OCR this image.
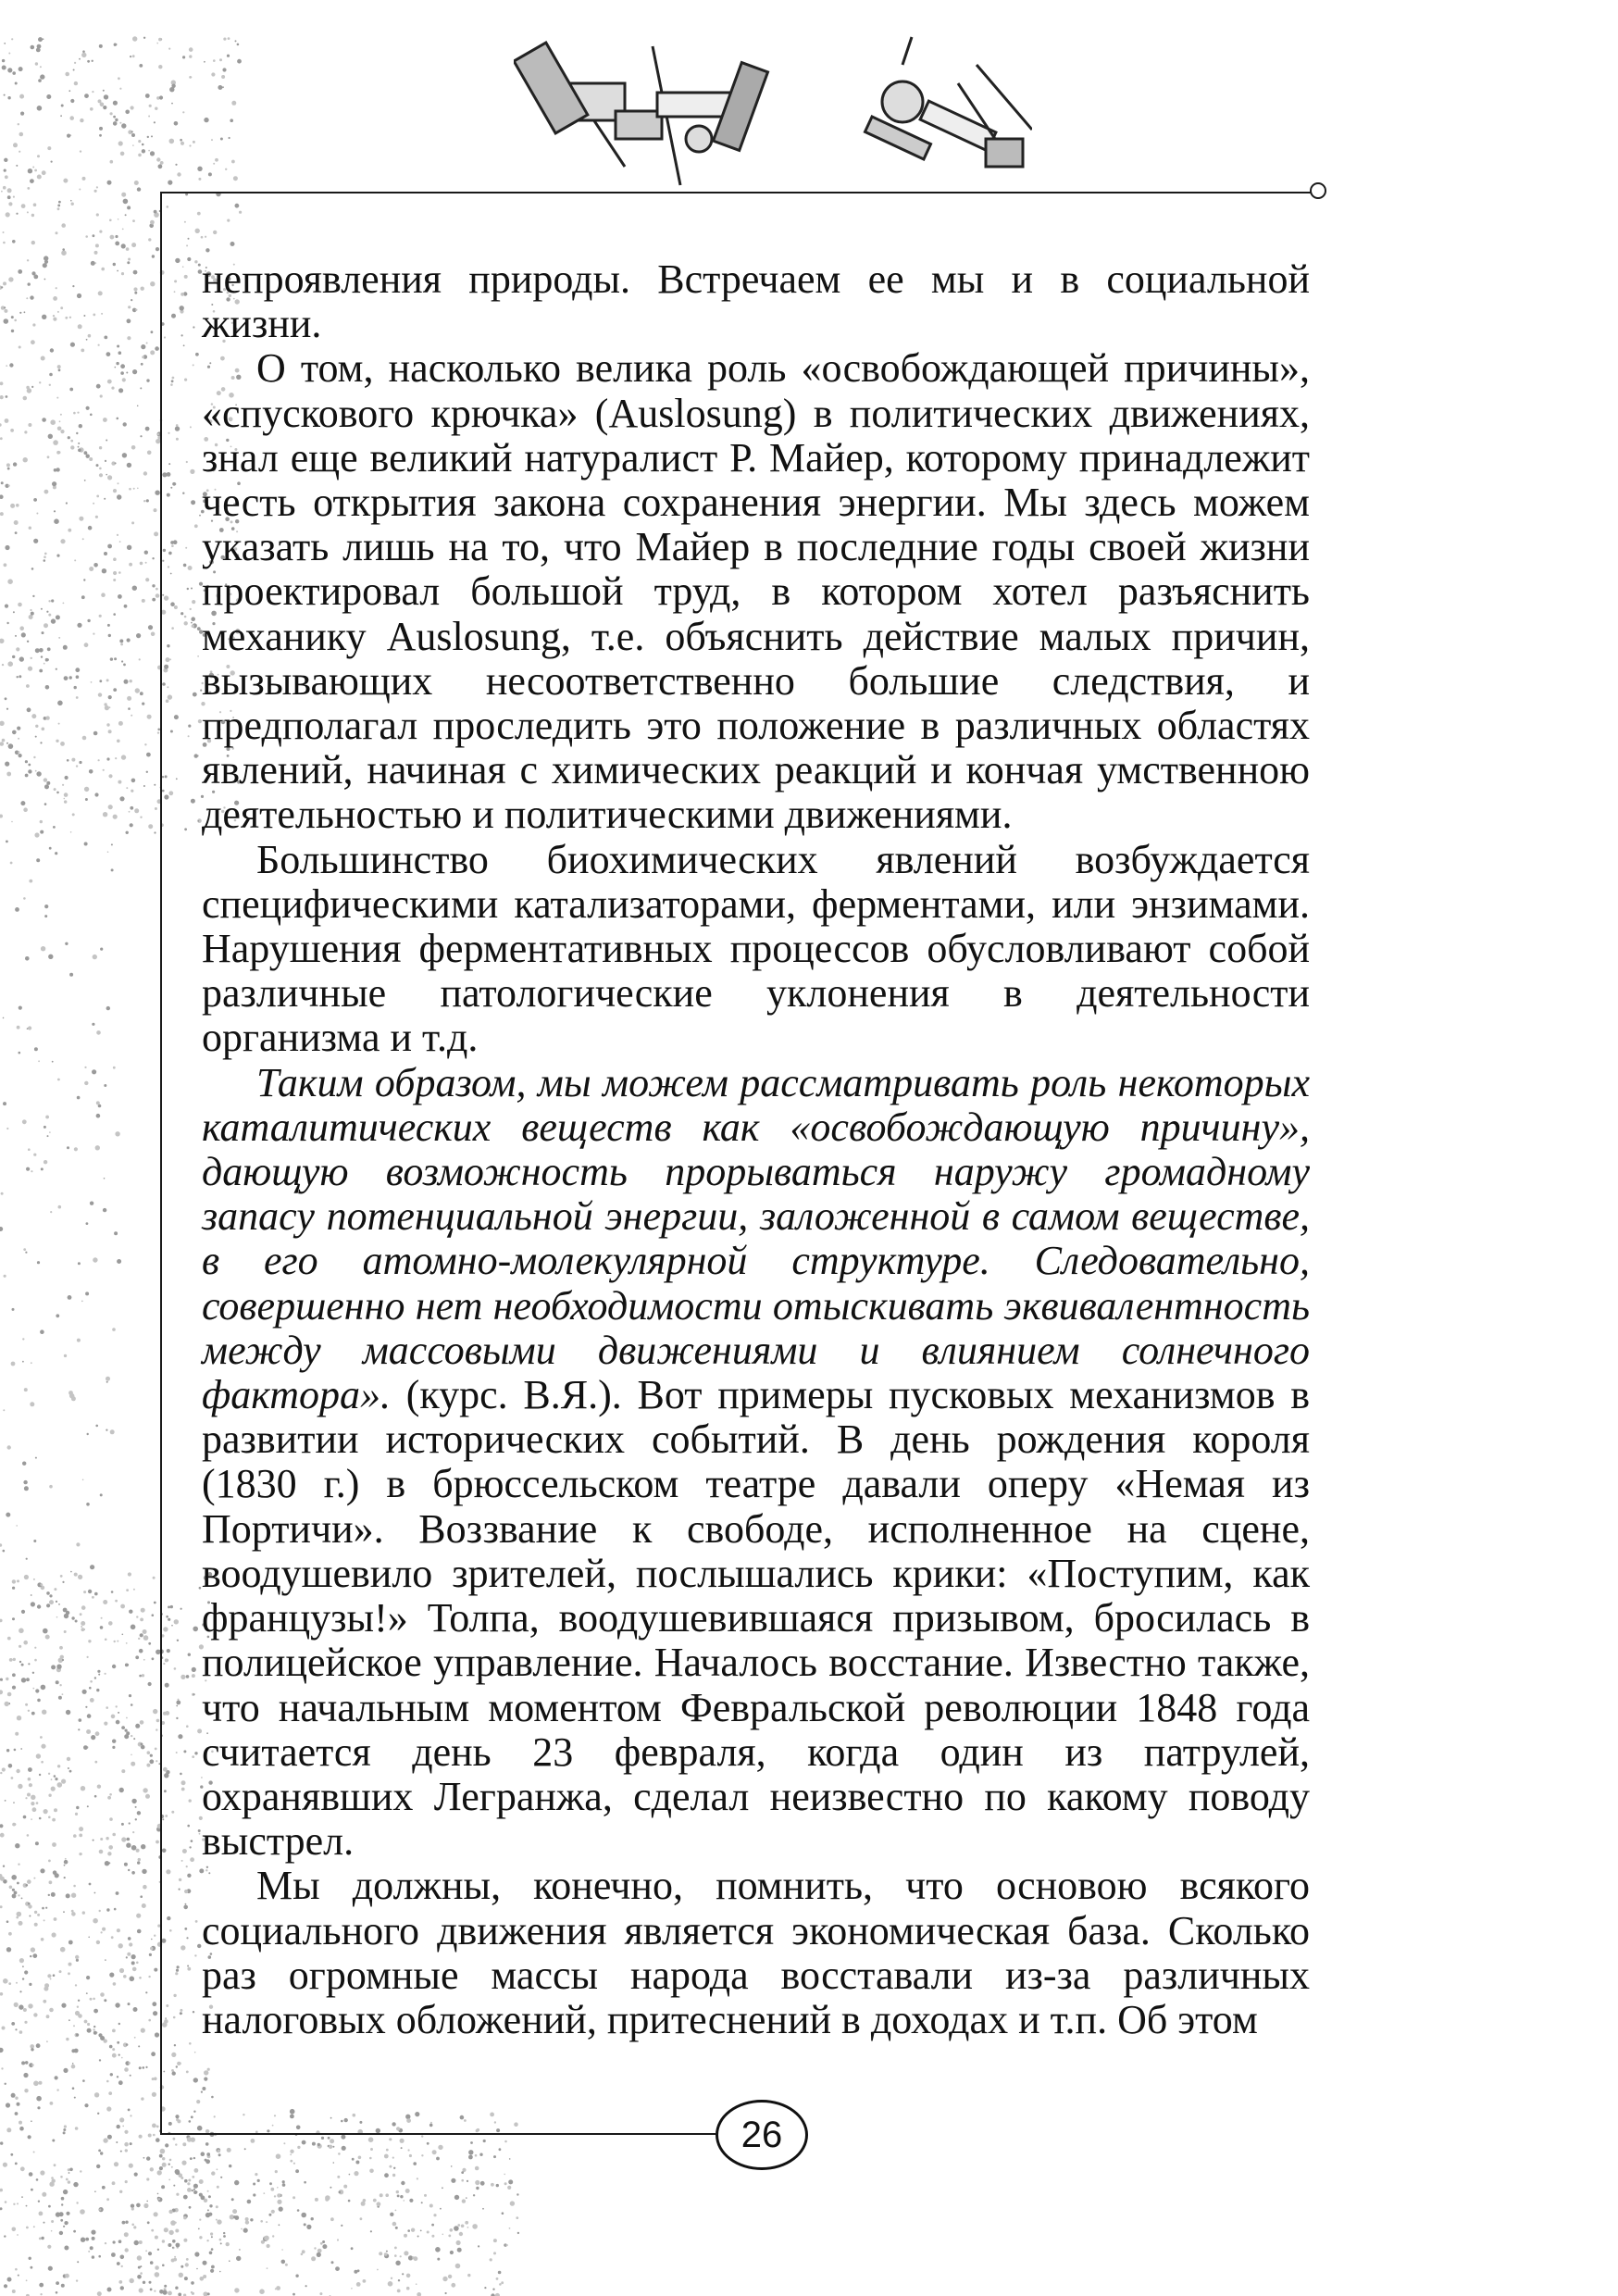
непроявления природы. Встречаем ее мы и в социальной жизни.

О том, насколько велика роль «освобождающей причины», «спускового крючка» (Auslosung) в политических движениях, знал еще великий натуралист Р. Майер, которому принадлежит честь открытия закона сохранения энергии. Мы здесь можем указать лишь на то, что Майер в последние годы своей жизни проектировал большой труд, в котором хотел разъяснить механику Auslosung, т.е. объяснить действие малых причин, вызывающих несоответственно большие следствия, и предполагал проследить это положение в различных областях явлений, начиная с химических реакций и кончая умственною деятельностью и политическими движениями.

Большинство биохимических явлений возбуждается специфическими катализаторами, ферментами, или энзимами. Нарушения ферментативных процессов обусловливают собой различные патологические уклонения в деятельности организма и т.д.

Таким образом, мы можем рассматривать роль некоторых каталитических веществ как «освобождающую причину», дающую возможность прорываться наружу громадному запасу потенциальной энергии, заложенной в самом веществе, в его атомно-молекулярной структуре. Следовательно, совершенно нет необходимости отыскивать эквивалентность между массовыми движениями и влиянием солнечного фактора». (курс. В.Я.). Вот примеры пусковых механизмов в развитии исторических событий. В день рождения короля (1830 г.) в брюссельском театре давали оперу «Немая из Портичи». Воззвание к свободе, исполненное на сцене, воодушевило зрителей, послышались крики: «Поступим, как французы!» Толпа, воодушевившаяся призывом, бросилась в полицейское управление. Началось восстание. Известно также, что начальным моментом Февральской революции 1848 года считается день 23 февраля, когда один из патрулей, охранявших Легранжа, сделал неизвестно по какому поводу выстрел.

Мы должны, конечно, помнить, что основою всякого социального движения является экономическая база. Сколько раз огромные массы народа восставали из-за различных налоговых обложений, притеснений в доходах и т.п. Об этом

26
